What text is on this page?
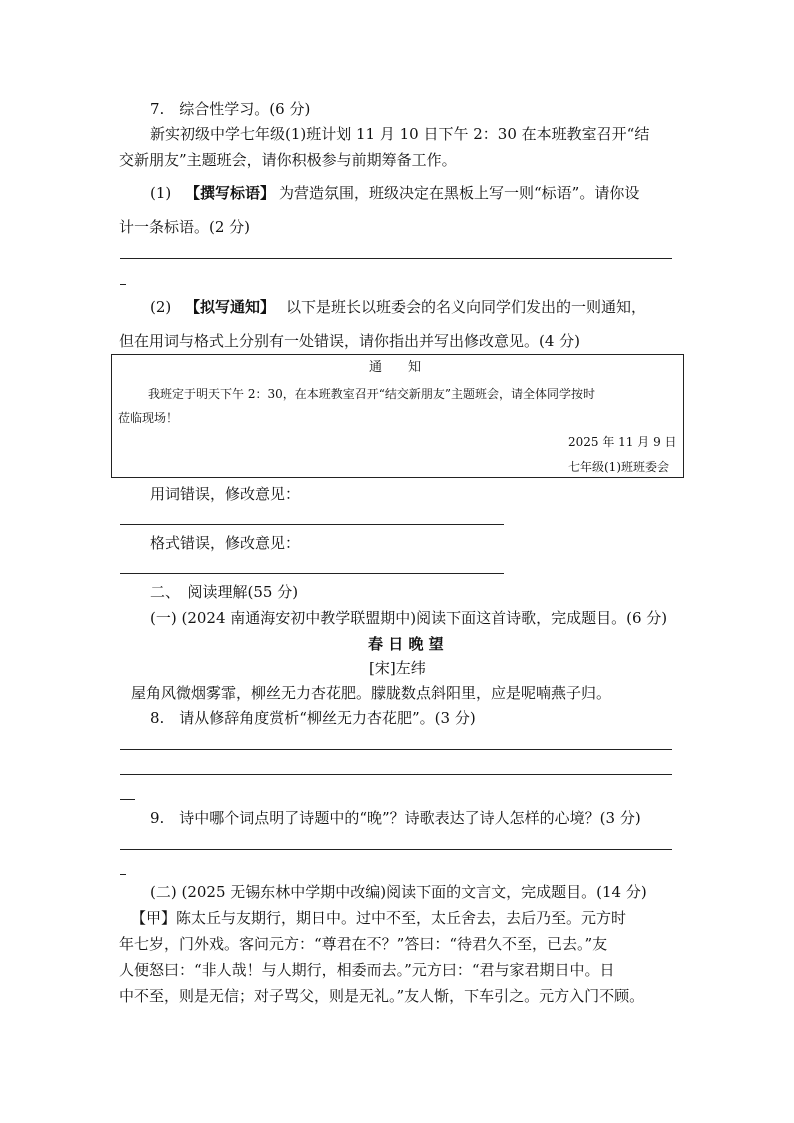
7.　综合性学习。(6 分)
新实初级中学七年级(1)班计划 11 月 10 日下午 2：30 在本班教室召开“结
交新朋友”主题班会，请你积极参与前期筹备工作。
(1) 【撰写标语】 为营造氛围，班级决定在黑板上写一则“标语”。请你设
计一条标语。(2 分)
(2) 【拟写通知】 以下是班长以班委会的名义向同学们发出的一则通知，
但在用词与格式上分别有一处错误，请你指出并写出修改意见。(4 分)
通　　知
我班定于明天下午 2：30，在本班教室召开“结交新朋友”主题班会，请全体同学按时
莅临现场！
2025 年 11 月 9 日
七年级(1)班班委会
用词错误，修改意见：
格式错误，修改意见：
二、　阅读理解(55 分)
(一) (2024 南通海安初中教学联盟期中)阅读下面这首诗歌，完成题目。(6 分)
春 日 晚 望
[宋]左纬
屋角风微烟雾霏，柳丝无力杏花肥。朦胧数点斜阳里，应是呢喃燕子归。
8.　请从修辞角度赏析“柳丝无力杏花肥”。(3 分)
9.　诗中哪个词点明了诗题中的“晚”？诗歌表达了诗人怎样的心境？(3 分)
(二) (2025 无锡东林中学期中改编)阅读下面的文言文，完成题目。(14 分)
【甲】陈太丘与友期行，期日中。过中不至，太丘舍去，去后乃至。元方时
年七岁，门外戏。客问元方：“尊君在不？”答曰：“待君久不至，已去。”友
人便怒曰：“非人哉！与人期行，相委而去。”元方曰：“君与家君期日中。日
中不至，则是无信；对子骂父，则是无礼。”友人惭，下车引之。元方入门不顾。
